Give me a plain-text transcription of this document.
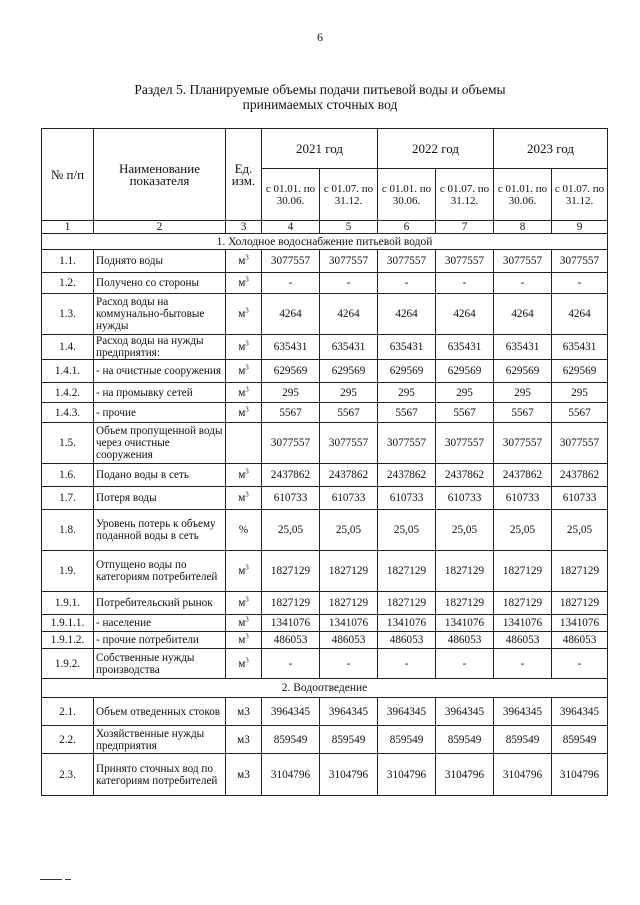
6
Раздел 5. Планируемые объемы подачи питьевой воды и объемы
принимаемых сточных вод
№ п/п	Наименование показателя	Ед. изм.	2021 год		2022 год		2023 год	
			с 01.01. по 30.06.	с 01.07. по 31.12.	с 01.01. по 30.06.	с 01.07. по 31.12.	с 01.01. по 30.06.	с 01.07. по 31.12.
1	2	3	4	5	6	7	8	9
1. Холодное водоснабжение питьевой водой								
1.1.	Поднято воды	$м^3$	3077557	3077557	3077557	3077557	3077557	3077557
1.2.	Получено со стороны	$м^3$	-	-	-	-	-	-
1.3.	Расход воды на коммунально-бытовые нужды	$м^3$	4264	4264	4264	4264	4264	4264
1.4.	Расход воды на нужды предприятия:	$м^3$	635431	635431	635431	635431	635431	635431
1.4.1.	- на очистные сооружения	$м^3$	629569	629569	629569	629569	629569	629569
1.4.2.	- на промывку сетей	$м^3$	295	295	295	295	295	295
1.4.3.	- прочие	$м^3$	5567	5567	5567	5567	5567	5567
1.5.	Объем пропущенной воды через очистные сооружения		3077557	3077557	3077557	3077557	3077557	3077557
1.6.	Подано воды в сеть	$м^3$	2437862	2437862	2437862	2437862	2437862	2437862
1.7.	Потеря воды	$м^3$	610733	610733	610733	610733	610733	610733
1.8.	Уровень потерь к объему поданной воды в сеть	%	25,05	25,05	25,05	25,05	25,05	25,05
1.9.	Отпущено воды по категориям потребителей	$м^3$	1827129	1827129	1827129	1827129	1827129	1827129
1.9.1.	Потребительский рынок	$м^3$	1827129	1827129	1827129	1827129	1827129	1827129
1.9.1.1.	- население	$м^3$	1341076	1341076	1341076	1341076	1341076	1341076
1.9.1.2.	- прочие потребители	$м^3$	486053	486053	486053	486053	486053	486053
1.9.2.	Собственные нужды производства	$м^3$	-	-	-	-	-	-
2. Водоотведение								
2.1.	Объем отведенных стоков	м3	3964345	3964345	3964345	3964345	3964345	3964345
2.2.	Хозяйственные нужды предприятия	м3	859549	859549	859549	859549	859549	859549
2.3.	Принято сточных вод по категориям потребителей	м3	3104796	3104796	3104796	3104796	3104796	3104796
